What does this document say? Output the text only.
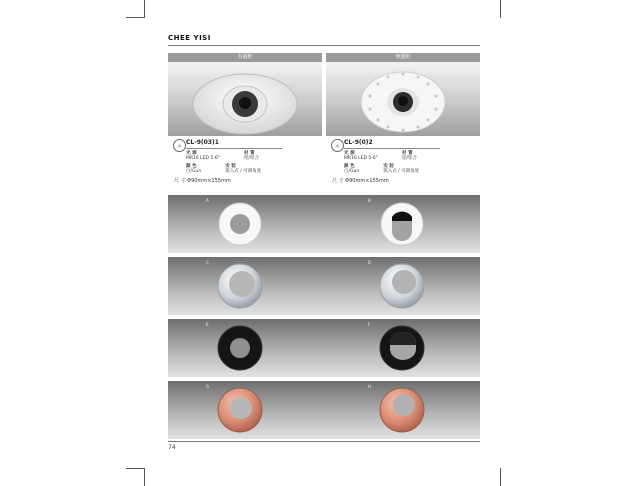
CHEE YISI
有邊框	無邊框
◎ CL-9(03)1
光 源
MR16 LED 5-6°
材 質
铝/铝合
颜 色
白/Gun
安 装
嵌入式 / 可调角度
尺 寸 Φ90mm×155mm
◎ CL-9(0)2
光 源
MR16 LED 5-6°
材 質
铝/铝合
颜 色
白/Gun
安 装
嵌入式 / 可调角度
尺 寸 Φ90mm×155mm
A	B
C	D
E	F
G	H
74
